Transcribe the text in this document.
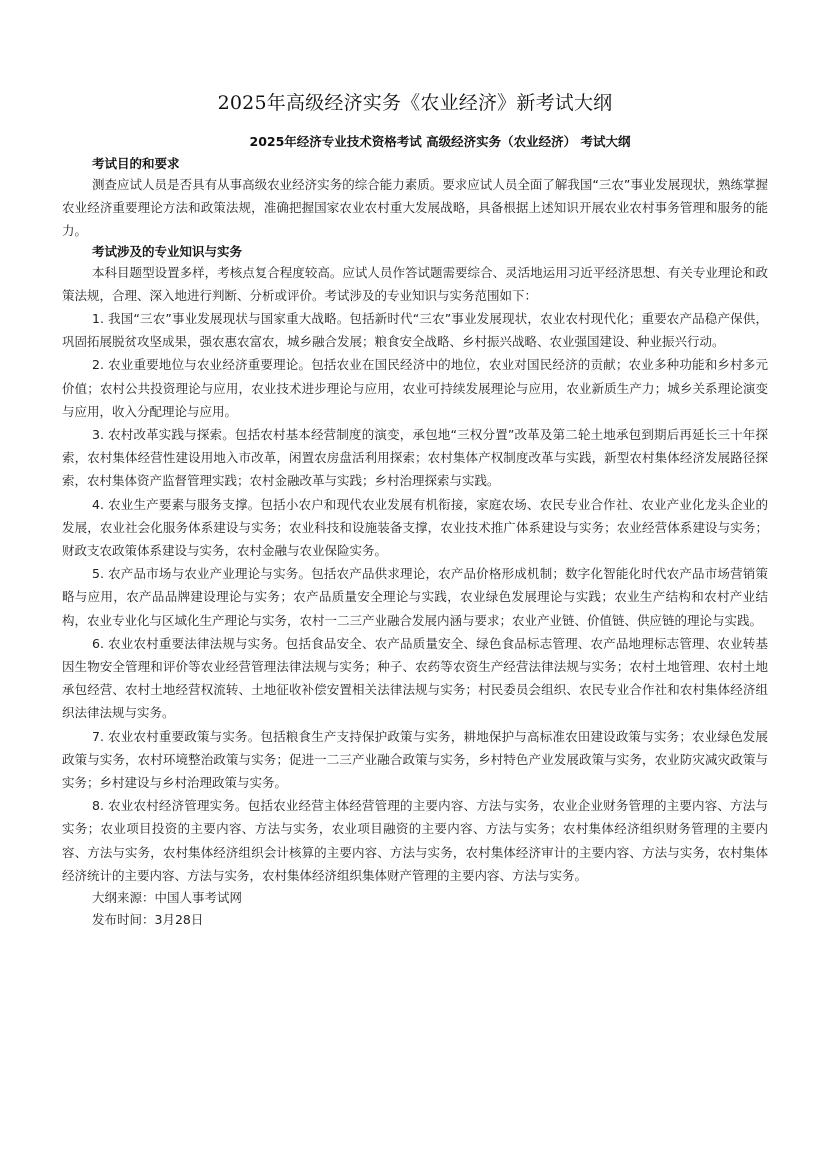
2025年高级经济实务《农业经济》新考试大纲
2025年经济专业技术资格考试 高级经济实务（农业经济） 考试大纲

考试目的和要求

测查应试人员是否具有从事高级农业经济实务的综合能力素质。要求应试人员全面了解我国“三农”事业发展现状，熟练掌握农业经济重要理论方法和政策法规，准确把握国家农业农村重大发展战略，具备根据上述知识开展农业农村事务管理和服务的能力。

考试涉及的专业知识与实务

本科目题型设置多样，考核点复合程度较高。应试人员作答试题需要综合、灵活地运用习近平经济思想、有关专业理论和政策法规，合理、深入地进行判断、分析或评价。考试涉及的专业知识与实务范围如下：

1. 我国“三农”事业发展现状与国家重大战略。包括新时代“三农”事业发展现状，农业农村现代化；重要农产品稳产保供，巩固拓展脱贫攻坚成果，强农惠农富农，城乡融合发展；粮食安全战略、乡村振兴战略、农业强国建设、种业振兴行动。

2. 农业重要地位与农业经济重要理论。包括农业在国民经济中的地位，农业对国民经济的贡献；农业多种功能和乡村多元价值；农村公共投资理论与应用，农业技术进步理论与应用，农业可持续发展理论与应用，农业新质生产力；城乡关系理论演变与应用，收入分配理论与应用。

3. 农村改革实践与探索。包括农村基本经营制度的演变，承包地“三权分置”改革及第二轮土地承包到期后再延长三十年探索，农村集体经营性建设用地入市改革，闲置农房盘活利用探索；农村集体产权制度改革与实践，新型农村集体经济发展路径探索，农村集体资产监督管理实践；农村金融改革与实践；乡村治理探索与实践。

4. 农业生产要素与服务支撑。包括小农户和现代农业发展有机衔接，家庭农场、农民专业合作社、农业产业化龙头企业的发展，农业社会化服务体系建设与实务；农业科技和设施装备支撑，农业技术推广体系建设与实务；农业经营体系建设与实务；财政支农政策体系建设与实务，农村金融与农业保险实务。

5. 农产品市场与农业产业理论与实务。包括农产品供求理论，农产品价格形成机制；数字化智能化时代农产品市场营销策略与应用，农产品品牌建设理论与实务；农产品质量安全理论与实践，农业绿色发展理论与实践；农业生产结构和农村产业结构，农业专业化与区域化生产理论与实务，农村一二三产业融合发展内涵与要求；农业产业链、价值链、供应链的理论与实践。

6. 农业农村重要法律法规与实务。包括食品安全、农产品质量安全、绿色食品标志管理、农产品地理标志管理、农业转基因生物安全管理和评价等农业经营管理法律法规与实务；种子、农药等农资生产经营法律法规与实务；农村土地管理、农村土地承包经营、农村土地经营权流转、土地征收补偿安置相关法律法规与实务；村民委员会组织、农民专业合作社和农村集体经济组织法律法规与实务。

7. 农业农村重要政策与实务。包括粮食生产支持保护政策与实务，耕地保护与高标准农田建设政策与实务；农业绿色发展政策与实务，农村环境整治政策与实务；促进一二三产业融合政策与实务，乡村特色产业发展政策与实务，农业防灾减灾政策与实务；乡村建设与乡村治理政策与实务。

8. 农业农村经济管理实务。包括农业经营主体经营管理的主要内容、方法与实务，农业企业财务管理的主要内容、方法与实务；农业项目投资的主要内容、方法与实务，农业项目融资的主要内容、方法与实务；农村集体经济组织财务管理的主要内容、方法与实务，农村集体经济组织会计核算的主要内容、方法与实务，农村集体经济审计的主要内容、方法与实务，农村集体经济统计的主要内容、方法与实务，农村集体经济组织集体财产管理的主要内容、方法与实务。

大纲来源：中国人事考试网

发布时间：3月28日
